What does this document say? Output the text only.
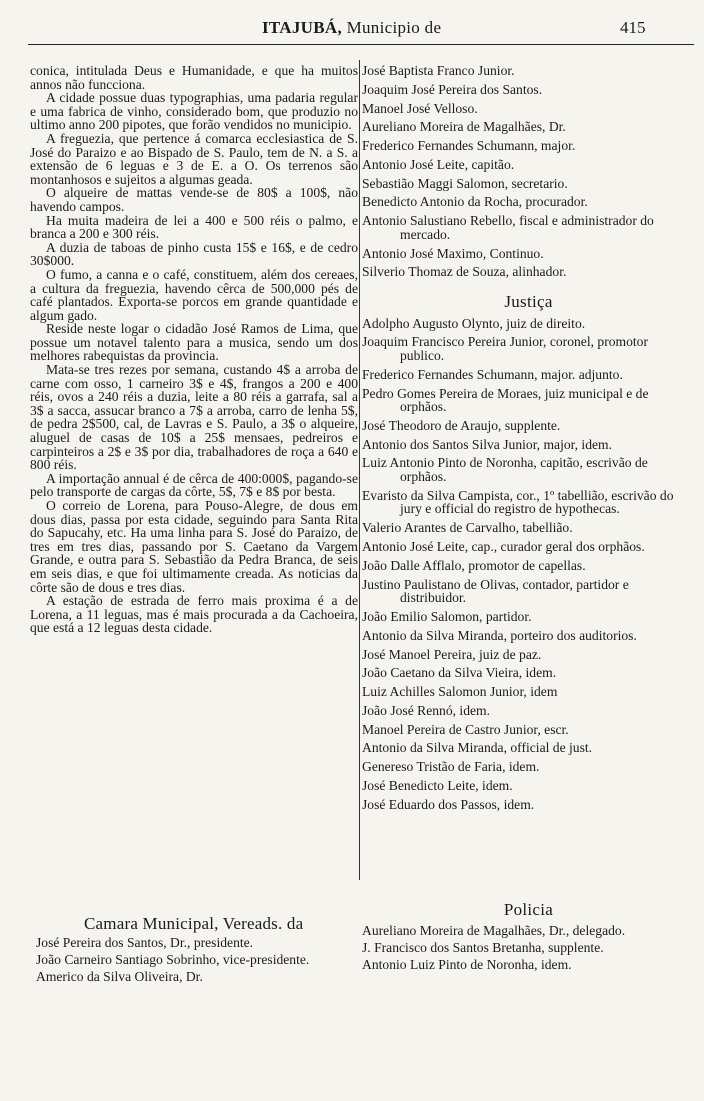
ITAJUBÁ, Municipio de	415

conica, intitulada Deus e Humanidade, e que ha muitos annos não funcciona.

A cidade possue duas typographias, uma padaria regular e uma fabrica de vinho, considerado bom, que produzio no ultimo anno 200 pipotes, que forão vendidos no municipio.

A freguezia, que pertence á comarca ecclesiastica de S. José do Paraizo e ao Bispado de S. Paulo, tem de N. a S. a extensão de 6 leguas e 3 de E. a O. Os terrenos são montanhosos e sujeitos a algumas geada.

O alqueire de mattas vende-se de 80$ a 100$, não havendo campos.

Ha muita madeira de lei a 400 e 500 réis o palmo, e branca a 200 e 300 réis.

A duzia de taboas de pinho custa 15$ e 16$, e de cedro 30$000.

O fumo, a canna e o café, constituem, além dos cereaes, a cultura da freguezia, havendo cêrca de 500,000 pés de café plantados. Exporta-se porcos em grande quantidade e algum gado.

Reside neste logar o cidadão José Ramos de Lima, que possue um notavel talento para a musica, sendo um dos melhores rabequistas da provincia.

Mata-se tres rezes por semana, custando 4$ a arroba de carne com osso, 1 carneiro 3$ e 4$, frangos a 200 e 400 réis, ovos a 240 réis a duzia, leite a 80 réis a garrafa, sal a 3$ a sacca, assucar branco a 7$ a arroba, carro de lenha 5$, de pedra 2$500, cal, de Lavras e S. Paulo, a 3$ o alqueire, aluguel de casas de 10$ a 25$ mensaes, pedreiros e carpinteiros a 2$ e 3$ por dia, trabalhadores de roça a 640 e 800 réis.

A importação annual é de cêrca de 400:000$, pagando-se pelo transporte de cargas da côrte, 5$, 7$ e 8$ por besta.

O correio de Lorena, para Pouso-Alegre, de dous em dous dias, passa por esta cidade, seguindo para Santa Rita do Sapucahy, etc. Ha uma linha para S. José do Paraizo, de tres em tres dias, passando por S. Caetano da Vargem Grande, e outra para S. Sebastião da Pedra Branca, de seis em seis dias, e que foi ultimamente creada. As noticias da côrte são de dous e tres dias.

A estação de estrada de ferro mais proxima é a de Lorena, a 11 leguas, mas é mais procurada a da Cachoeira, que está a 12 leguas desta cidade.

José Baptista Franco Junior.

Joaquim José Pereira dos Santos.

Manoel José Velloso.

Aureliano Moreira de Magalhães, Dr.

Frederico Fernandes Schumann, major.

Antonio José Leite, capitão.

Sebastião Maggi Salomon, secretario.

Benedicto Antonio da Rocha, procurador.

Antonio Salustiano Rebello, fiscal e administrador do mercado.

Antonio José Maximo, Continuo.

Silverio Thomaz de Souza, alinhador.

Justiça

Adolpho Augusto Olynto, juiz de direito.

Joaquim Francisco Pereira Junior, coronel, promotor publico.

Frederico Fernandes Schumann, major. adjunto.

Pedro Gomes Pereira de Moraes, juiz municipal e de orphãos.

José Theodoro de Araujo, supplente.

Antonio dos Santos Silva Junior, major, idem.

Luiz Antonio Pinto de Noronha, capitão, escrivão de orphãos.

Evaristo da Silva Campista, cor., 1º tabellião, escrivão do jury e official do registro de hypothecas.

Valerio Arantes de Carvalho, tabellião.

Antonio José Leite, cap., curador geral dos orphãos.

João Dalle Afflalo, promotor de capellas.

Justino Paulistano de Olivas, contador, partidor e distribuidor.

João Emilio Salomon, partidor.

Antonio da Silva Miranda, porteiro dos auditorios.

José Manoel Pereira, juiz de paz.

João Caetano da Silva Vieira, idem.

Luiz Achilles Salomon Junior, idem

João José Rennó, idem.

Manoel Pereira de Castro Junior, escr.

Antonio da Silva Miranda, official de just.

Genereso Tristão de Faria, idem.

José Benedicto Leite, idem.

José Eduardo dos Passos, idem.

Camara Municipal, Vereads. da

José Pereira dos Santos, Dr., presidente.

João Carneiro Santiago Sobrinho, vice-presidente.

Americo da Silva Oliveira, Dr.

Policia

Aureliano Moreira de Magalhães, Dr., delegado.

J. Francisco dos Santos Bretanha, supplente.

Antonio Luiz Pinto de Noronha, idem.
